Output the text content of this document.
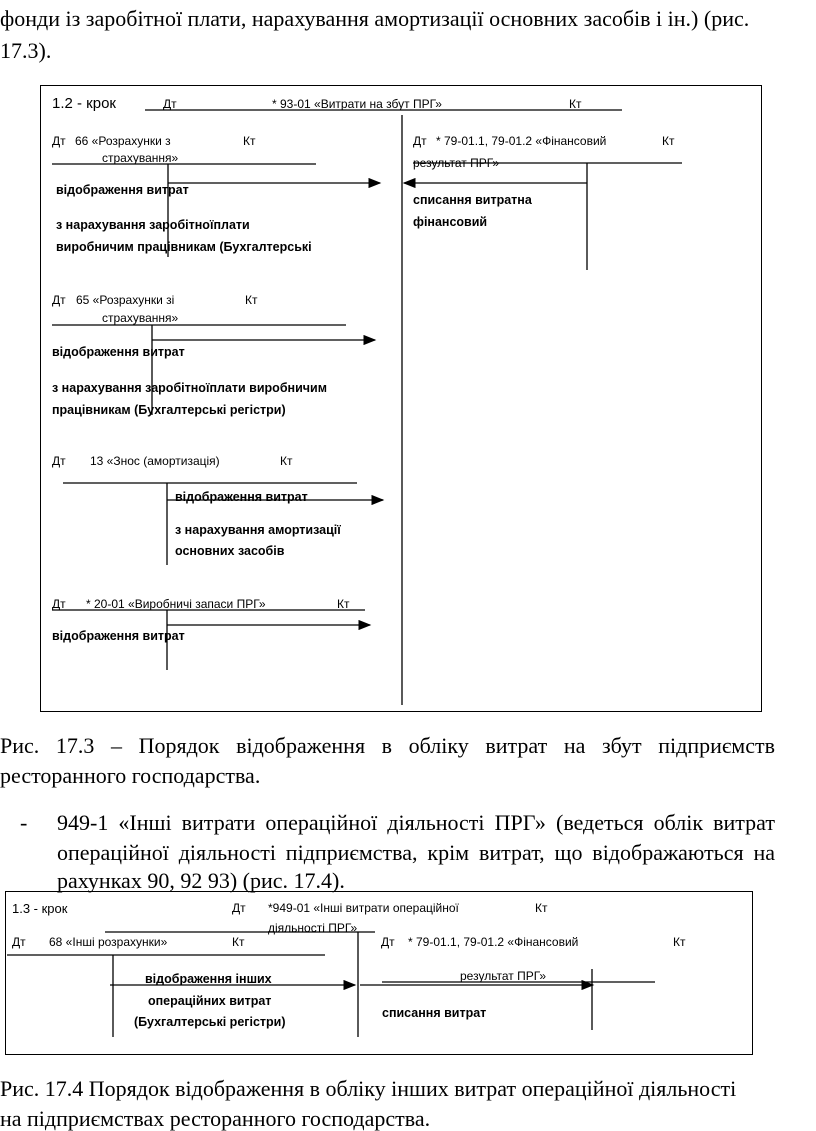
фонди із заробітної плати, нарахування амортизації основних засобів і ін.) (рис.
17.3).
1.2 - крок	Дт	* 93-01 «Витрати на збут ПРГ»	Кт
Дт 66 «Розрахунки з	Кт
страхування»
відображення витрат
з нарахування заробітноїплати
виробничим працівникам (Бухгалтерські
Дт * 79-01.1, 79-01.2 «Фінансовий	Кт
результат ПРГ»
списання витратна
фінансовий
Дт 65 «Розрахунки зі	Кт
страхування»
відображення витрат
з нарахування заробітноїплати виробничим
працівникам (Бухгалтерські регістри)
Дт 13 «Знос (амортизація)	Кт
відображення витрат
з нарахування амортизації
основних засобів
Дт * 20-01 «Виробничі запаси ПРГ»	Кт
відображення витрат
Рис. 17.3 – Порядок відображення в обліку витрат на збут підприємств
ресторанного господарства.
- 949-1 «Інші витрати операційної діяльності ПРГ» (ведеться облік витрат
операційної діяльності підприємства, крім витрат, що відображаються на
рахунках 90, 92 93) (рис. 17.4).
1.3 - крок	Дт *949-01 «Інші витрати операційної	Кт
діяльності ПРГ»
Дт 68 «Інші розрахунки»	Кт
відображення інших
операційних витрат
(Бухгалтерські регістри)
Дт * 79-01.1, 79-01.2 «Фінансовий	Кт
результат ПРГ»
списання витрат
Рис. 17.4 Порядок відображення в обліку інших витрат операційної діяльності
на підприємствах ресторанного господарства.
